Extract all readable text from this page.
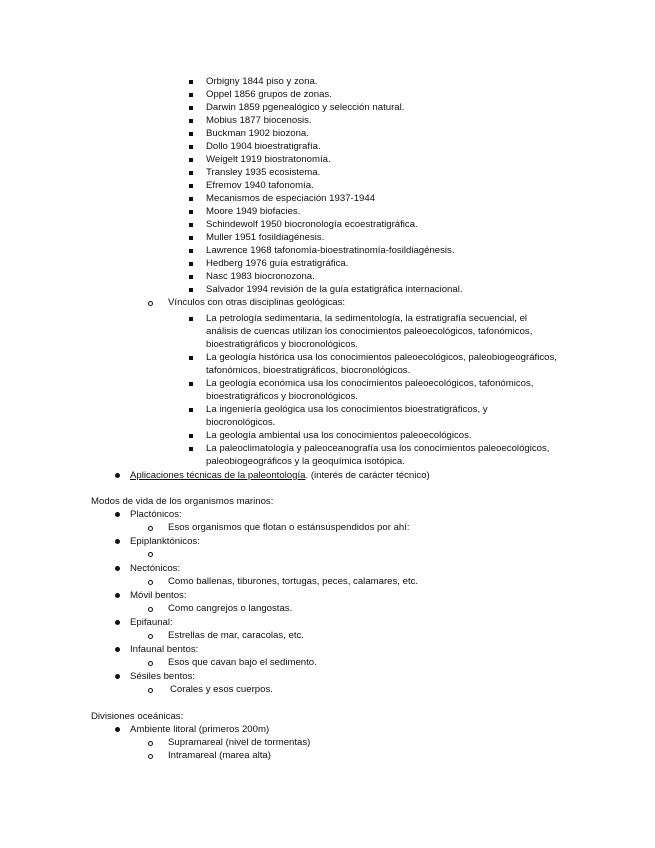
Orbigny 1844 piso y zona.
Oppel 1856 grupos de zonas.
Darwin 1859 pgenealógico y selección natural.
Mobius 1877 biocenosis.
Buckman 1902 biozona.
Dollo 1904 bioestratigrafía.
Weigelt 1919 biostratonomía.
Transley 1935 ecosistema.
Efremov 1940 tafonomía.
Mecanismos de especiación 1937-1944
Moore 1949 biofacies.
Schindewolf 1950 biocronología ecoestratigráfica.
Muller 1951 fosildiagénesis.
Lawrence 1968 tafonomía-bioestratinomía-fosildiagénesis.
Hedberg 1976 guía estratigráfica.
Nasc 1983 biocronozona.
Salvador 1994 revisión de la guía estatigráfica internacional.
Vínculos con otras disciplinas geológicas:
La petrología sedimentaria, la sedimentología, la estratigrafía secuencial, el
análisis de cuencas utilizan los conocimientos paleoecológicos, tafonómicos,
bioestratigráficos y biocronológicos.
La geología histórica usa los conocimientos paleoecológicos, paleobiogeográficos,
tafonómicos, bioestratigráficos, biocronológicos.
La geología económica usa los conocimientos paleoecológicos, tafonómicos,
bioestratigráficos y biocronológicos.
La ingeniería geológica usa los conocimientos bioestratigráficos, y
biocronológicos.
La geología ambiental usa los conocimientos paleoecológicos.
La paleoclimatología y paleoceanografía usa los conocimientos paleoecológicos,
paleobiogeográficos y la geoquímica isotópica.
Aplicaciones técnicas de la paleontología. (interés de carácter técnico)
Modos de vida de los organismos marinos:
Plactónicos:
Esos organismos que flotan o estánsuspendidos por ahí:
Epiplanktónicos:
Nectónicos:
Como ballenas, tiburones, tortugas, peces, calamares, etc.
Móvil bentos:
Como cangrejos o langostas.
Epifaunal:
Estrellas de mar, caracolas, etc.
Infaunal bentos:
Esos que cavan bajo el sedimento.
Sésiles bentos:
Corales y esos cuerpos.
Divisiones oceánicas:
Ambiente litoral (primeros 200m)
Supramareal (nivel de tormentas)
Intramareal (marea alta)
